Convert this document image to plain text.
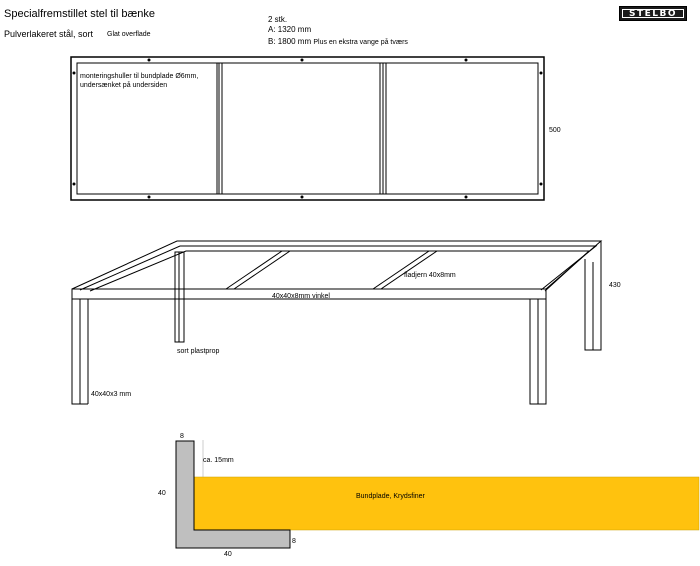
Specialfremstillet stel til bænke
Pulverlakeret stål, sort Glat overflade
2 stk.
A: 1320 mm
B: 1800 mm Plus en ekstra vange på tværs
STELBO
monteringshuller til bundplade Ø6mm, undersænket på undersiden
500
430
fladjern 40x8mm
40x40x8mm vinkel
sort plastprop
40x40x3 mm
8
ca. 15mm
40
8
40
Bundplade, Krydsfiner
